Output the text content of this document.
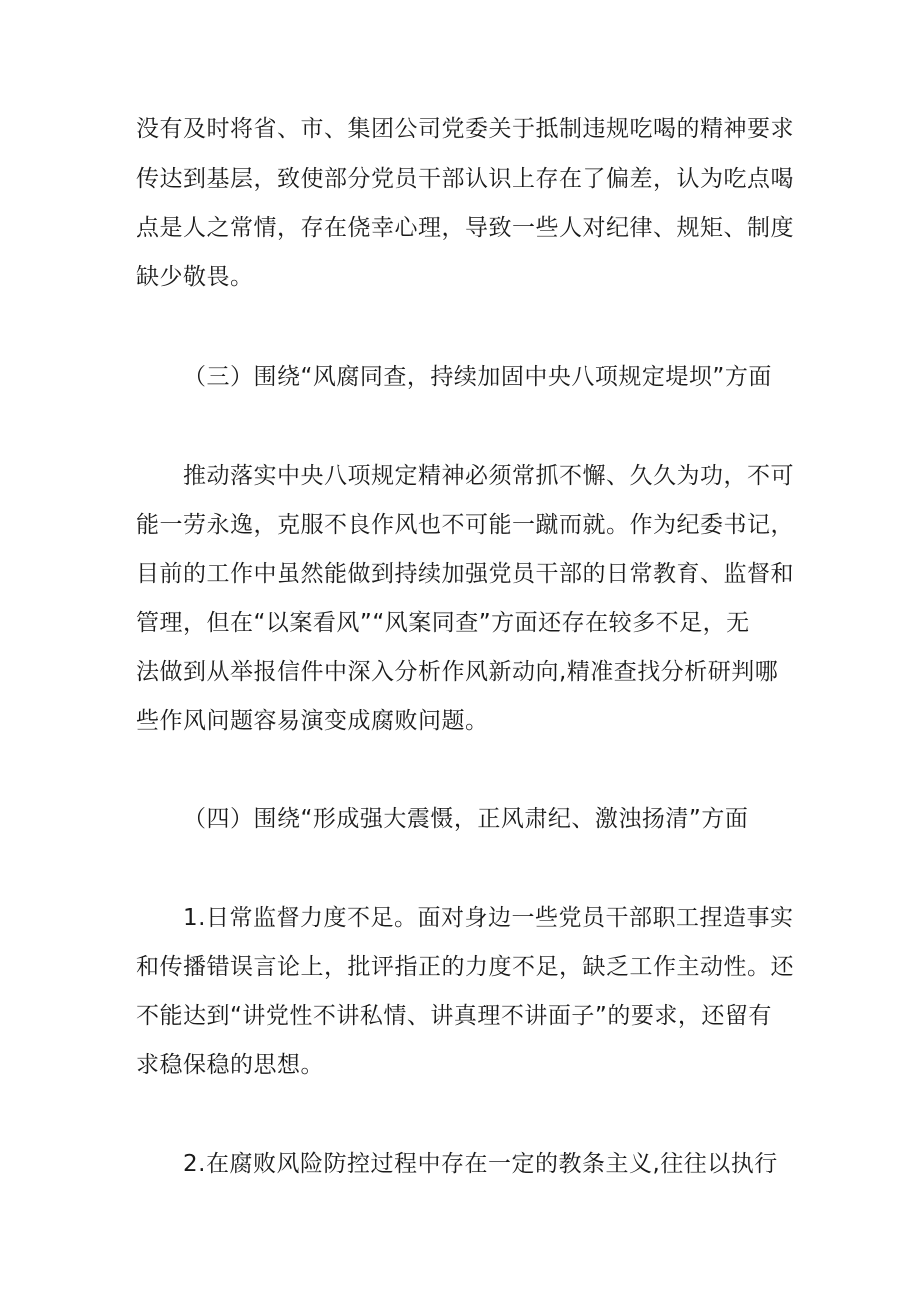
没有及时将省、市、集团公司党委关于抵制违规吃喝的精神要求
传达到基层，致使部分党员干部认识上存在了偏差，认为吃点喝
点是人之常情，存在侥幸心理，导致一些人对纪律、规矩、制度
缺少敬畏。
（三）围绕“风腐同查，持续加固中央八项规定堤坝”方面
推动落实中央八项规定精神必须常抓不懈、久久为功，不可
能一劳永逸，克服不良作风也不可能一蹴而就。作为纪委书记，
目前的工作中虽然能做到持续加强党员干部的日常教育、监督和
管理，但在“以案看风”“风案同查”方面还存在较多不足，无
法做到从举报信件中深入分析作风新动向,精准查找分析研判哪
些作风问题容易演变成腐败问题。
（四）围绕“形成强大震慑，正风肃纪、激浊扬清”方面
1.日常监督力度不足。面对身边一些党员干部职工捏造事实
和传播错误言论上，批评指正的力度不足，缺乏工作主动性。还
不能达到“讲党性不讲私情、讲真理不讲面子”的要求，还留有
求稳保稳的思想。
2.在腐败风险防控过程中存在一定的教条主义,往往以执行
